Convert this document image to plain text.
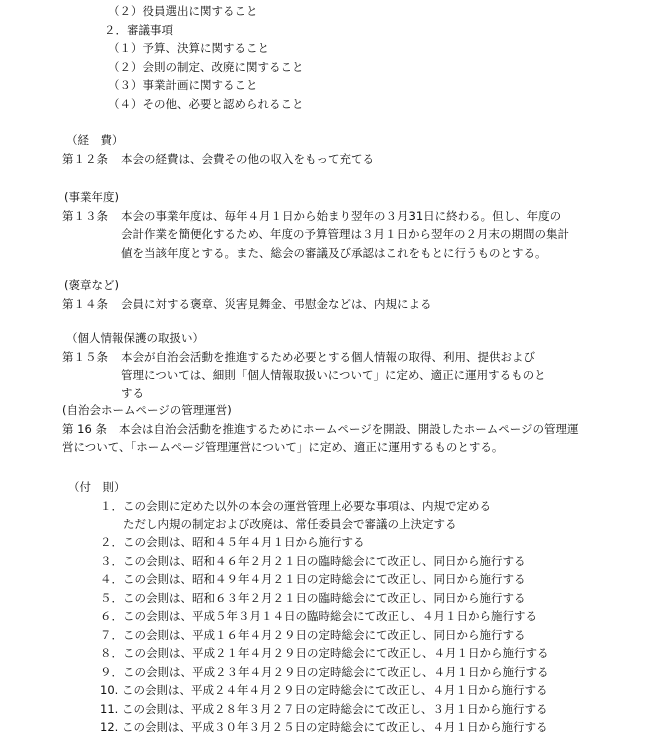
（２）役員選出に関すること
２．審議事項
（１）予算、決算に関すること
（２）会則の制定、改廃に関すること
（３）事業計画に関すること
（４）その他、必要と認められること
（経　費）
第１２条 本会の経費は、会費その他の収入をもって充てる
(事業年度)
第１３条 本会の事業年度は、毎年４月１日から始まり翌年の３月31日に終わる。但し、年度の
会計作業を簡便化するため、年度の予算管理は３月１日から翌年の２月末の期間の集計
値を当該年度とする。また、総会の審議及び承認はこれをもとに行うものとする。
(褒章など)
第１４条 会員に対する褒章、災害見舞金、弔慰金などは、内規による
（個人情報保護の取扱い）
第１５条 本会が自治会活動を推進するため必要とする個人情報の取得、利用、提供および
管理については、細則「個人情報取扱いについて」に定め、適正に運用するものと
する
(自治会ホームページの管理運営)
第 16 条 本会は自治会活動を推進するためにホームページを開設、開設したホームページの管理運
営について、「ホームページ管理運営について」に定め、適正に運用するものとする。
（付　則）
１．この会則に定めた以外の本会の運営管理上必要な事項は、内規で定める
　　ただし内規の制定および改廃は、常任委員会で審議の上決定する
２．この会則は、昭和４５年４月１日から施行する
３．この会則は、昭和４６年２月２１日の臨時総会にて改正し、同日から施行する
４．この会則は、昭和４９年４月２１日の定時総会にて改正し、同日から施行する
５．この会則は、昭和６３年２月２１日の臨時総会にて改正し、同日から施行する
６．この会則は、平成５年３月１４日の臨時総会にて改正し、４月１日から施行する
７．この会則は、平成１６年４月２９日の定時総会にて改正し、同日から施行する
８．この会則は、平成２１年４月２９日の定時総会にて改正し、４月１日から施行する
９．この会則は、平成２３年４月２９日の定時総会にて改正し、４月１日から施行する
10. この会則は、平成２４年４月２９日の定時総会にて改正し、４月１日から施行する
11. この会則は、平成２８年３月２７日の定時総会にて改正し、３月１日から施行する
12. この会則は、平成３０年３月２５日の定時総会にて改正し、４月１日から施行する
